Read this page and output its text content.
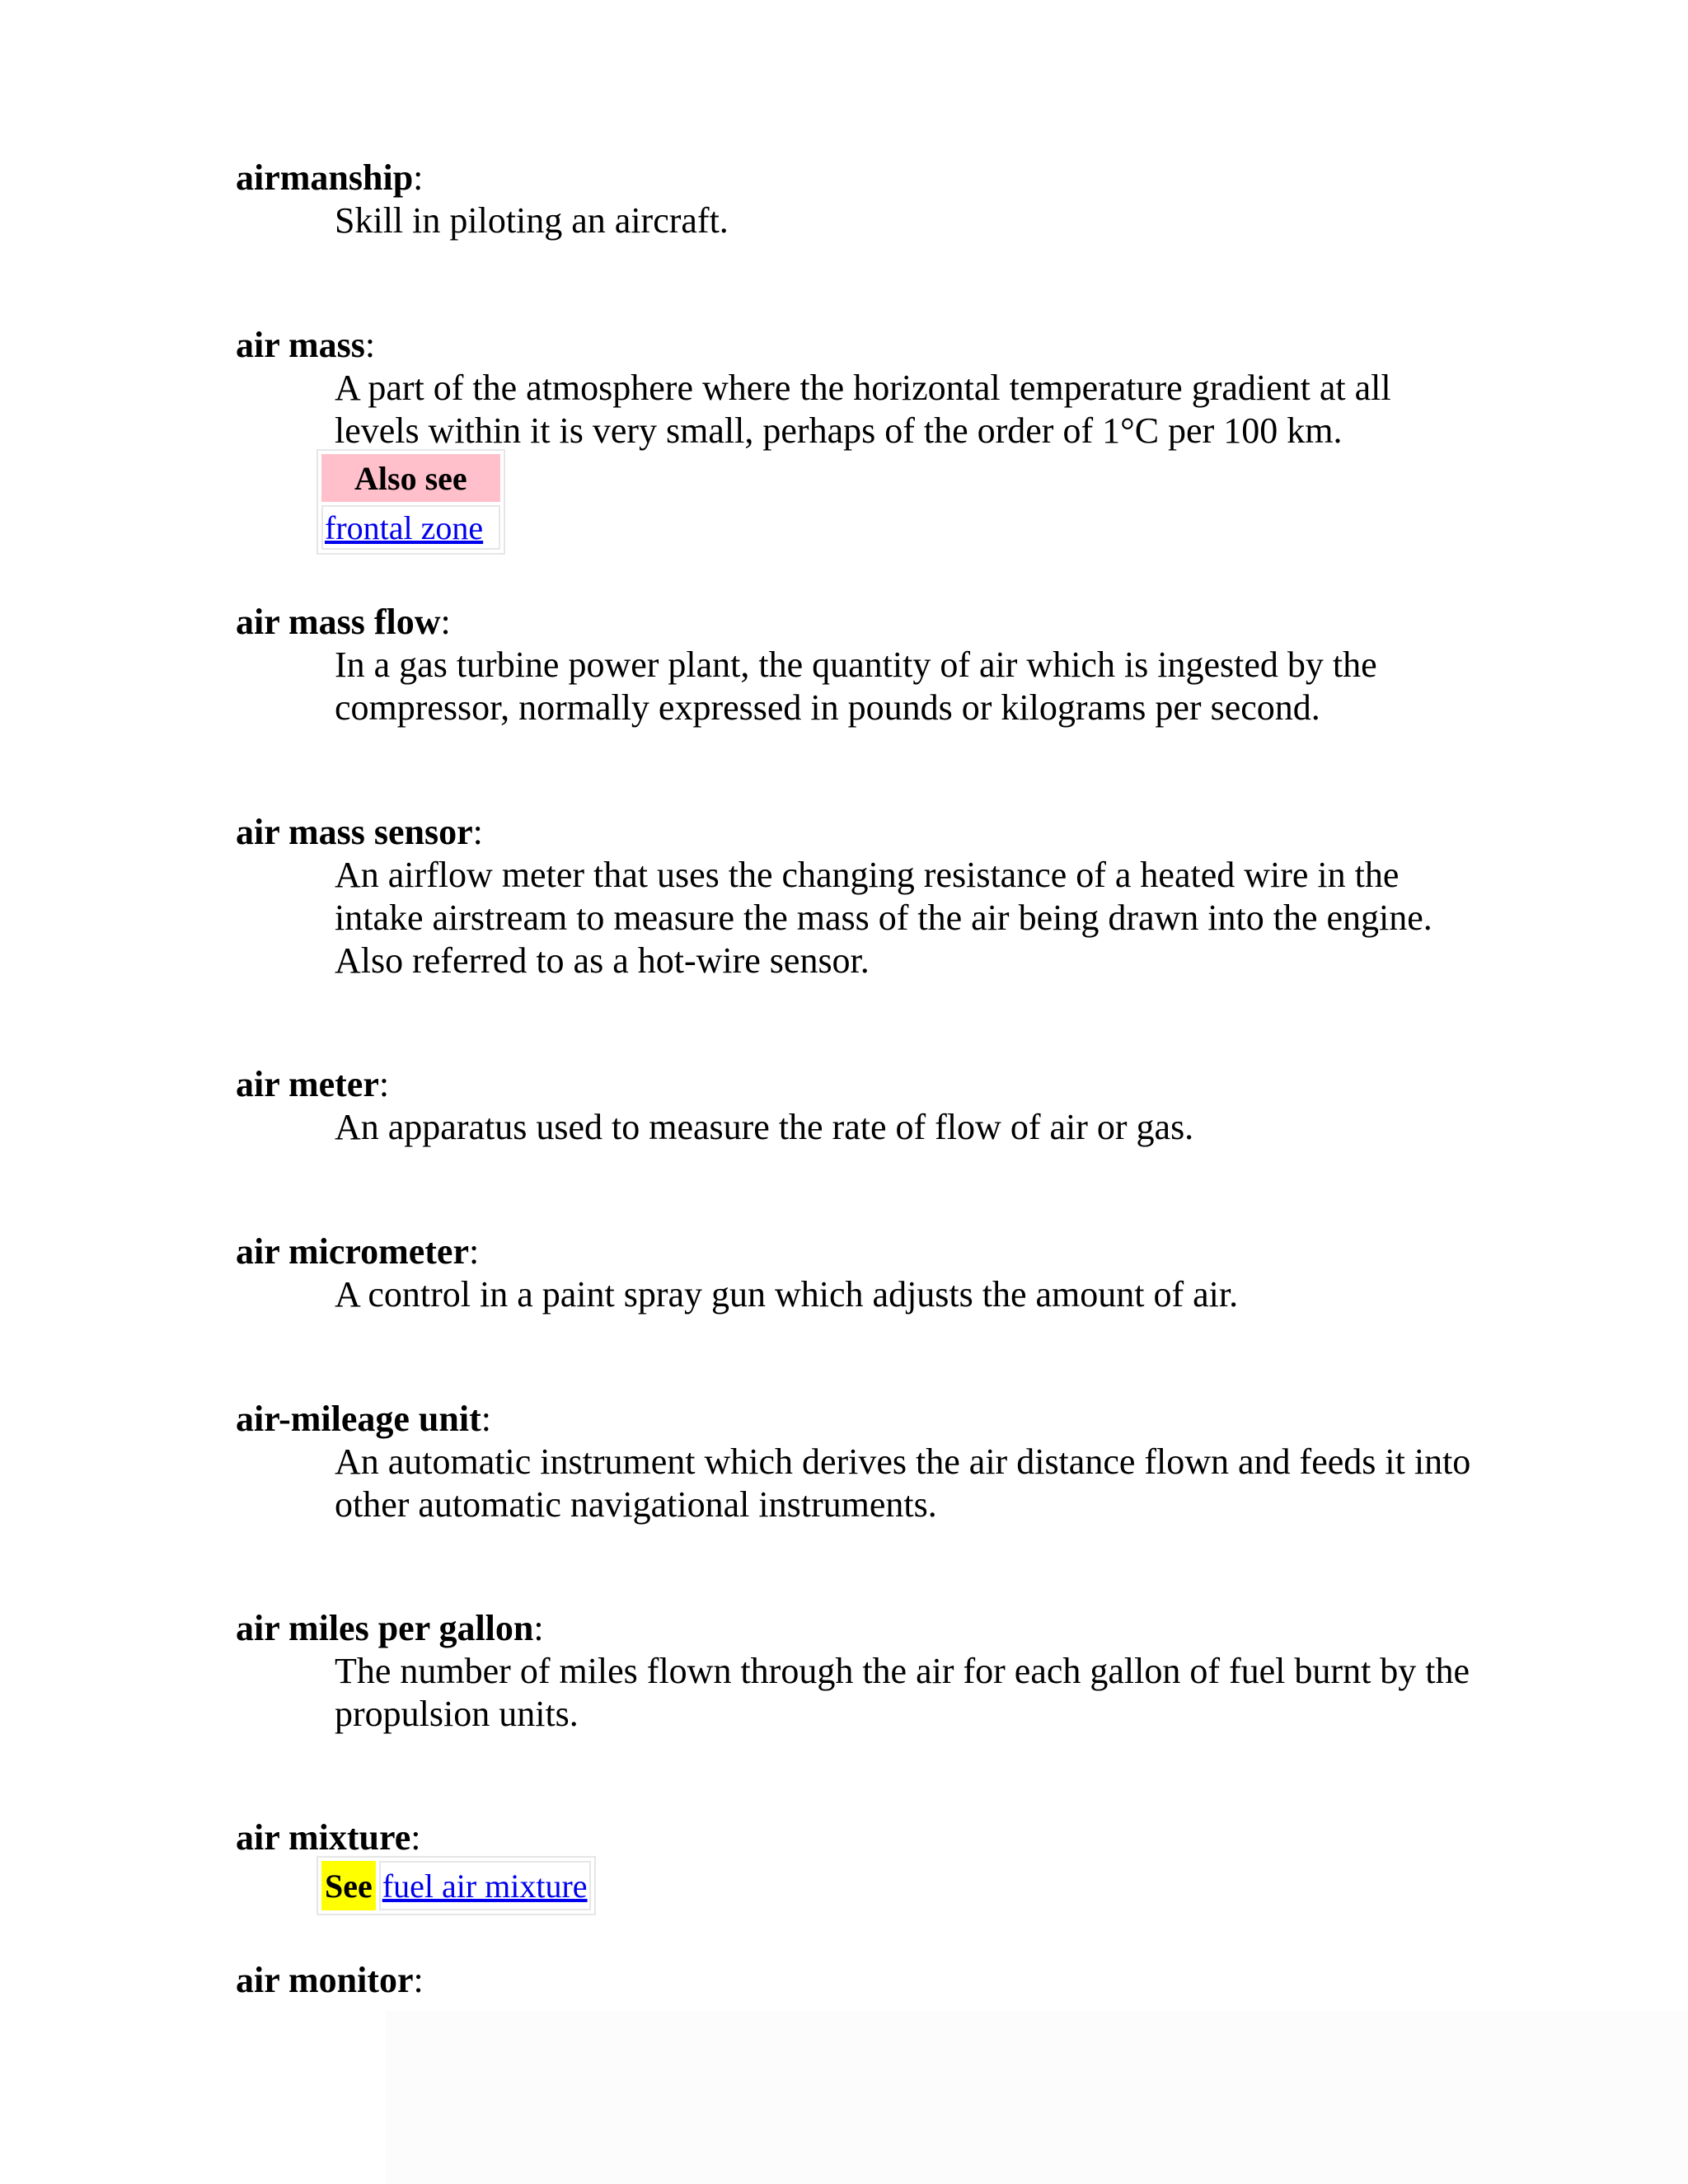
airmanship:
Skill in piloting an aircraft.
air mass:
A part of the atmosphere where the horizontal temperature gradient at all levels within it is very small, perhaps of the order of 1°C per 100 km.
Also see
frontal zone
air mass flow:
In a gas turbine power plant, the quantity of air which is ingested by the compressor, normally expressed in pounds or kilograms per second.
air mass sensor:
An airflow meter that uses the changing resistance of a heated wire in the intake airstream to measure the mass of the air being drawn into the engine. Also referred to as a hot-wire sensor.
air meter:
An apparatus used to measure the rate of flow of air or gas.
air micrometer:
A control in a paint spray gun which adjusts the amount of air.
air-mileage unit:
An automatic instrument which derives the air distance flown and feeds it into other automatic navigational instruments.
air miles per gallon:
The number of miles flown through the air for each gallon of fuel burnt by the propulsion units.
air mixture:
See	fuel air mixture
air monitor:
